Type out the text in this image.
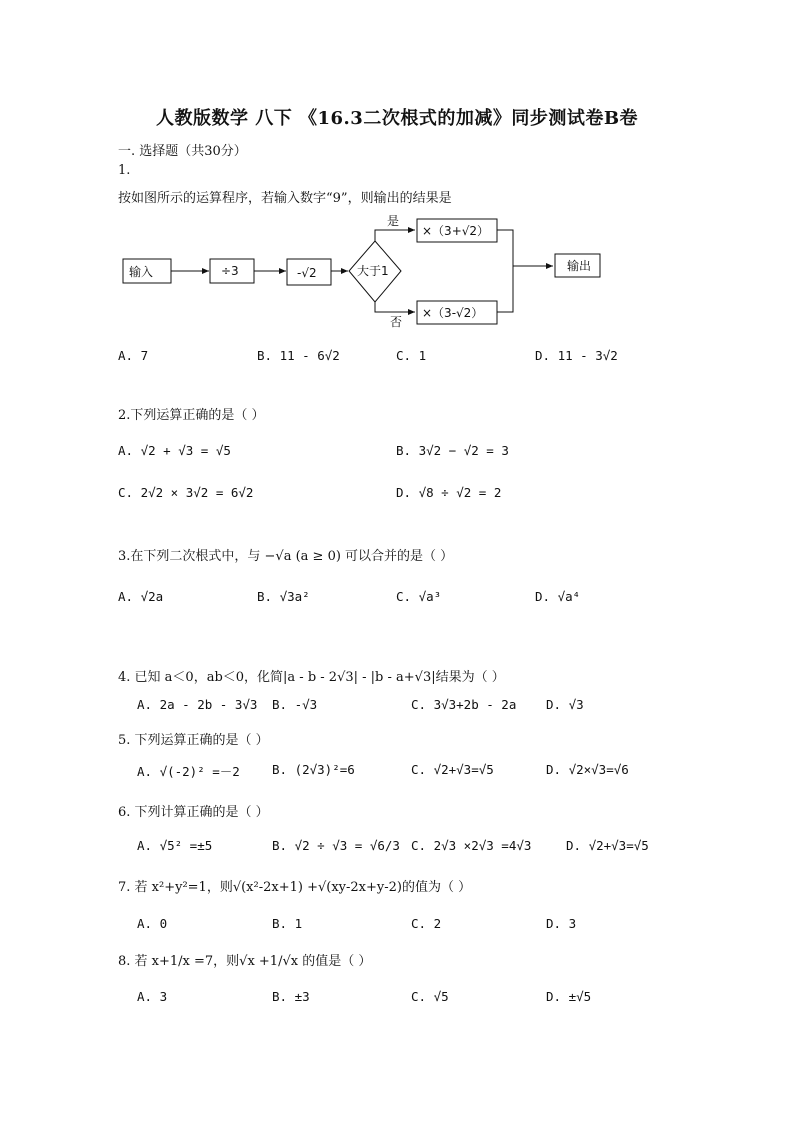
人教版数学 八下 《16.3二次根式的加减》同步测试卷B卷
一. 选择题（共30分）
1.
按如图所示的运算程序，若输入数字“9”，则输出的结果是
输入	÷3	-√2	大于1
是
否
×（3+√2）
×（3-√2）
输出
A. 7	B. 11 - 6√2	C. 1	D. 11 - 3√2
2.下列运算正确的是（ ）
A. √2 + √3 = √5	B. 3√2 − √2 = 3
C. 2√2 × 3√2 = 6√2	D. √8 ÷ √2 = 2
3.在下列二次根式中，与 −√a (a ≥ 0) 可以合并的是（ ）
A. √2a	B. √3a²	C. √a³	D. √a⁴
4. 已知 a＜0，ab＜0，化简|a - b - 2√3| - |b - a+√3|结果为（ ）
A. 2a - 2b - 3√3 B. -√3	C. 3√3+2b - 2a D. √3
5. 下列运算正确的是（ ）
A. √(-2)² =－2	B. (2√3)²=6	C. √2+√3=√5	D. √2×√3=√6
6. 下列计算正确的是（ ）
A. √5² =±5	B. √2 ÷ √3 = √6/3 C. 2√3 ×2√3 =4√3	D. √2+√3=√5
7. 若 x²+y²=1，则√(x²-2x+1) +√(xy-2x+y-2)的值为（ ）
A. 0	B. 1	C. 2	D. 3
8. 若 x+1/x =7，则√x +1/√x 的值是（ ）
A. 3	B. ±3	C. √5	D. ±√5
